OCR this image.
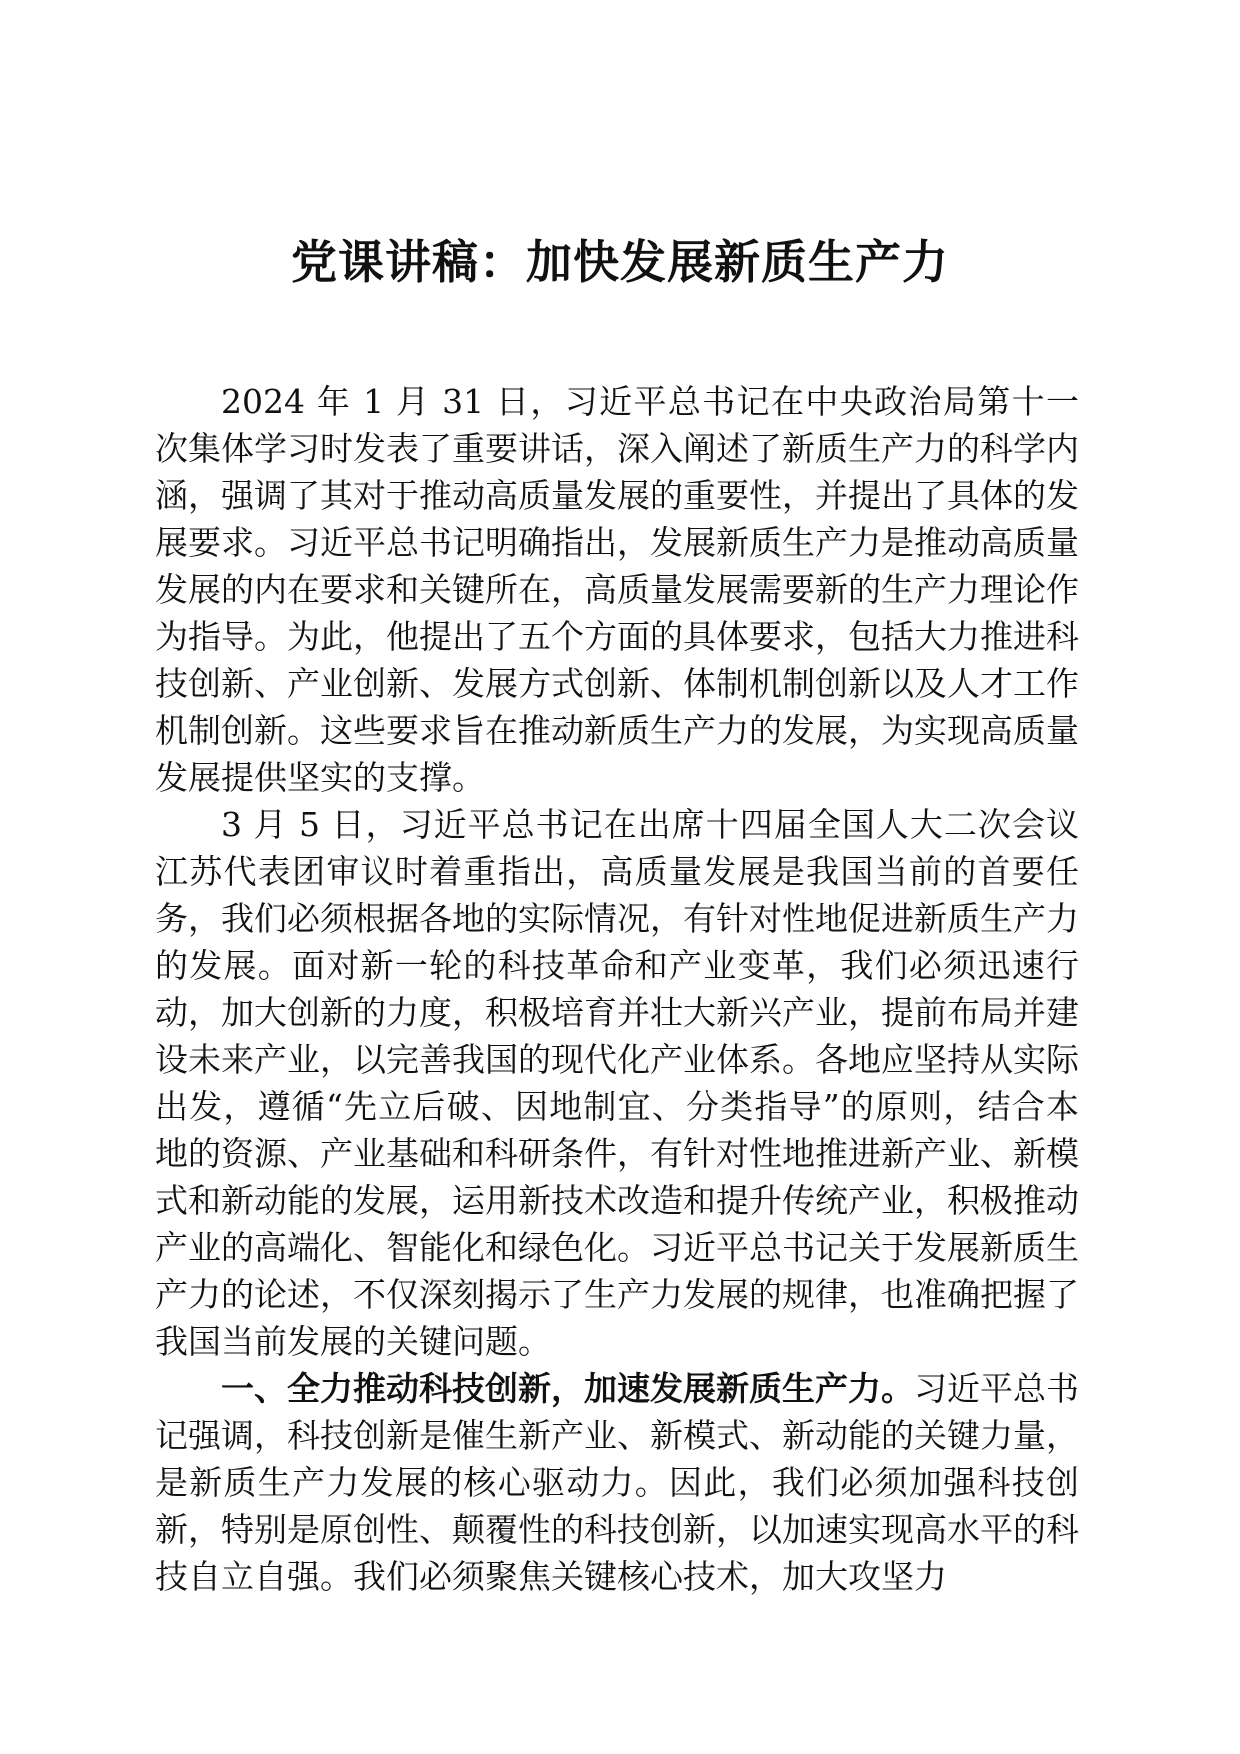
党课讲稿：加快发展新质生产力

2024 年 1 月 31 日，习近平总书记在中央政治局第十一次集体学习时发表了重要讲话，深入阐述了新质生产力的科学内涵，强调了其对于推动高质量发展的重要性，并提出了具体的发展要求。习近平总书记明确指出，发展新质生产力是推动高质量发展的内在要求和关键所在，高质量发展需要新的生产力理论作为指导。为此，他提出了五个方面的具体要求，包括大力推进科技创新、产业创新、发展方式创新、体制机制创新以及人才工作机制创新。这些要求旨在推动新质生产力的发展，为实现高质量发展提供坚实的支撑。

3 月 5 日，习近平总书记在出席十四届全国人大二次会议江苏代表团审议时着重指出，高质量发展是我国当前的首要任务，我们必须根据各地的实际情况，有针对性地促进新质生产力的发展。面对新一轮的科技革命和产业变革，我们必须迅速行动，加大创新的力度，积极培育并壮大新兴产业，提前布局并建设未来产业，以完善我国的现代化产业体系。各地应坚持从实际出发，遵循“先立后破、因地制宜、分类指导”的原则，结合本地的资源、产业基础和科研条件，有针对性地推进新产业、新模式和新动能的发展，运用新技术改造和提升传统产业，积极推动产业的高端化、智能化和绿色化。习近平总书记关于发展新质生产力的论述，不仅深刻揭示了生产力发展的规律，也准确把握了我国当前发展的关键问题。

一、全力推动科技创新，加速发展新质生产力。习近平总书记强调，科技创新是催生新产业、新模式、新动能的关键力量，是新质生产力发展的核心驱动力。因此，我们必须加强科技创新，特别是原创性、颠覆性的科技创新，以加速实现高水平的科技自立自强。我们必须聚焦关键核心技术，加大攻坚力
